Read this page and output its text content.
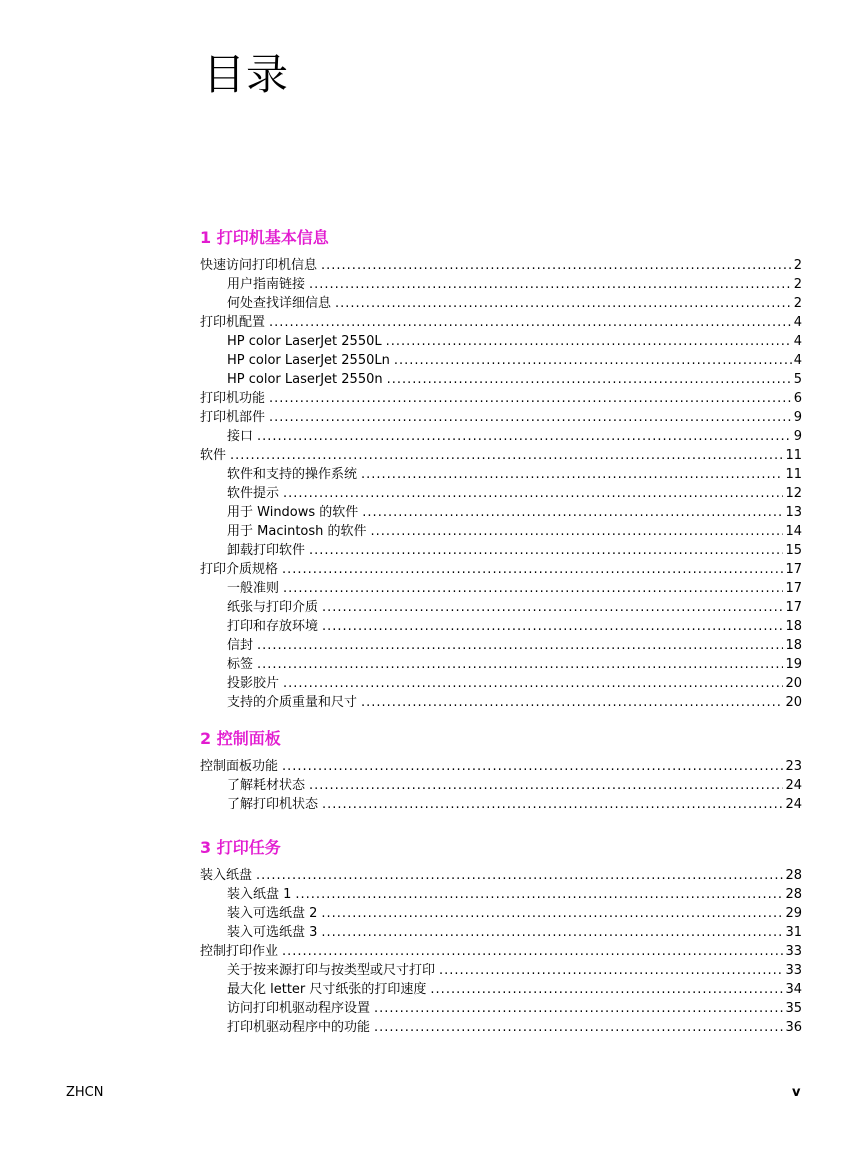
目录
1 打印机基本信息
快速访问打印机信息 .....	2
用户指南链接 .....	2
何处查找详细信息 .....	2
打印机配置 .....	4
HP color LaserJet 2550L .....	4
HP color LaserJet 2550Ln .....	4
HP color LaserJet 2550n .....	5
打印机功能 .....	6
打印机部件 .....	9
接口 .....	9
软件 .....	11
软件和支持的操作系统 .....	11
软件提示 .....	12
用于 Windows 的软件 .....	13
用于 Macintosh 的软件 .....	14
卸载打印软件 .....	15
打印介质规格 .....	17
一般准则 .....	17
纸张与打印介质 .....	17
打印和存放环境 .....	18
信封 .....	18
标签 .....	19
投影胶片 .....	20
支持的介质重量和尺寸 .....	20
2 控制面板
控制面板功能 .....	23
了解耗材状态 .....	24
了解打印机状态 .....	24
3 打印任务
装入纸盘 .....	28
装入纸盘 1 .....	28
装入可选纸盘 2 .....	29
装入可选纸盘 3 .....	31
控制打印作业 .....	33
关于按来源打印与按类型或尺寸打印 .....	33
最大化 letter 尺寸纸张的打印速度 .....	34
访问打印机驱动程序设置 .....	35
打印机驱动程序中的功能 .....	36
ZHCN	v
